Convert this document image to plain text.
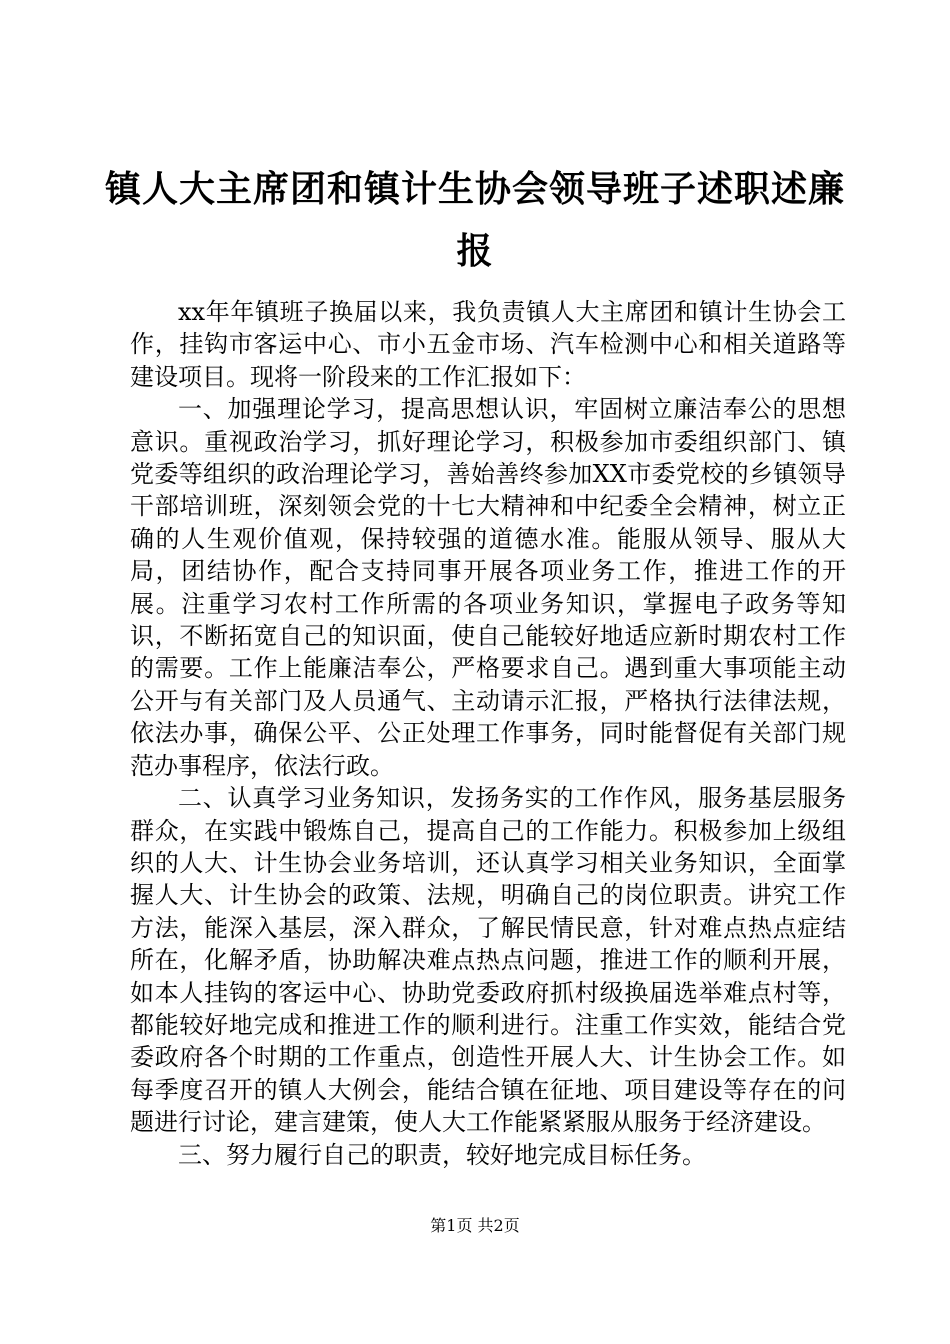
镇人大主席团和镇计生协会领导班子述职述廉报

xx年年镇班子换届以来，我负责镇人大主席团和镇计生协会工作，挂钩市客运中心、市小五金市场、汽车检测中心和相关道路等建设项目。现将一阶段来的工作汇报如下：

一、加强理论学习，提高思想认识，牢固树立廉洁奉公的思想意识。重视政治学习，抓好理论学习，积极参加市委组织部门、镇党委等组织的政治理论学习，善始善终参加XX市委党校的乡镇领导干部培训班，深刻领会党的十七大精神和中纪委全会精神，树立正确的人生观价值观，保持较强的道德水准。能服从领导、服从大局，团结协作，配合支持同事开展各项业务工作，推进工作的开展。注重学习农村工作所需的各项业务知识，掌握电子政务等知识，不断拓宽自己的知识面，使自己能较好地适应新时期农村工作的需要。工作上能廉洁奉公，严格要求自己。遇到重大事项能主动公开与有关部门及人员通气、主动请示汇报，严格执行法律法规，依法办事，确保公平、公正处理工作事务，同时能督促有关部门规范办事程序，依法行政。

二、认真学习业务知识，发扬务实的工作作风，服务基层服务群众，在实践中锻炼自己，提高自己的工作能力。积极参加上级组织的人大、计生协会业务培训，还认真学习相关业务知识，全面掌握人大、计生协会的政策、法规，明确自己的岗位职责。讲究工作方法，能深入基层，深入群众，了解民情民意，针对难点热点症结所在，化解矛盾，协助解决难点热点问题，推进工作的顺利开展，如本人挂钩的客运中心、协助党委政府抓村级换届选举难点村等，都能较好地完成和推进工作的顺利进行。注重工作实效，能结合党委政府各个时期的工作重点，创造性开展人大、计生协会工作。如每季度召开的镇人大例会，能结合镇在征地、项目建设等存在的问题进行讨论，建言建策，使人大工作能紧紧服从服务于经济建设。

三、努力履行自己的职责，较好地完成目标任务。

第1页 共2页
